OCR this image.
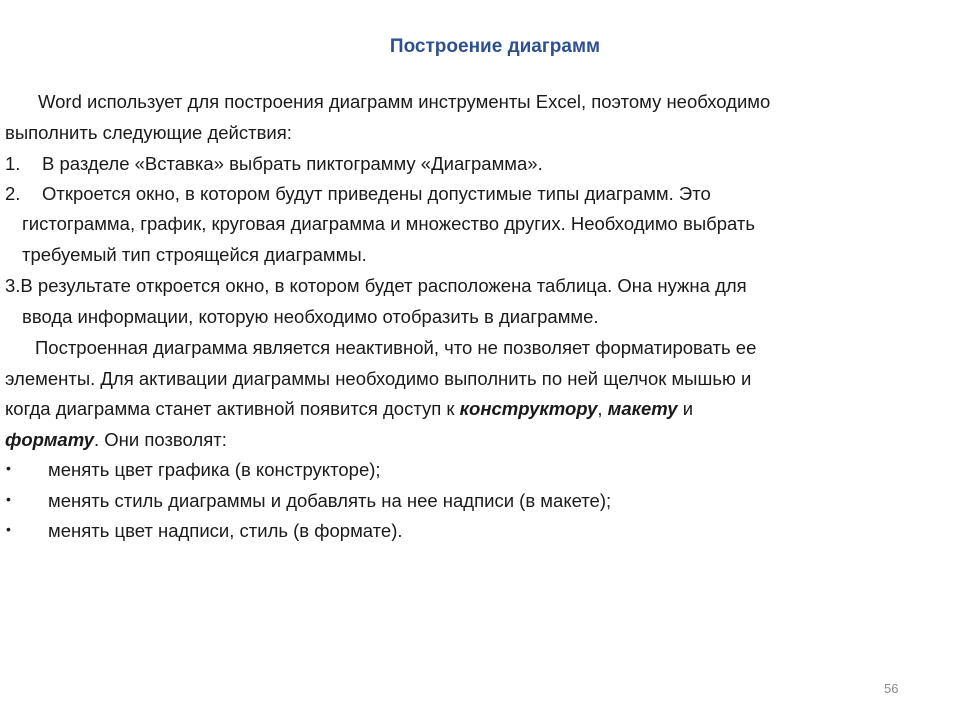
Построение диаграмм
Word использует для построения диаграмм инструменты Excel, поэтому необходимо
выполнить следующие действия:
1. В разделе «Вставка» выбрать пиктограмму «Диаграмма».
2. Откроется окно, в котором будут приведены допустимые типы диаграмм. Это
гистограмма, график, круговая диаграмма и множество других. Необходимо выбрать
требуемый тип строящейся диаграммы.
3.В результате откроется окно, в котором будет расположена таблица. Она нужна для
ввода информации, которую необходимо отобразить в диаграмме.
Построенная диаграмма является неактивной, что не позволяет форматировать ее
элементы. Для активации диаграммы необходимо выполнить по ней щелчок мышью и
когда диаграмма станет активной появится доступ к конструктору, макету и
формату. Они позволят:
• менять цвет графика (в конструкторе);
• менять стиль диаграммы и добавлять на нее надписи (в макете);
• менять цвет надписи, стиль (в формате).
56
